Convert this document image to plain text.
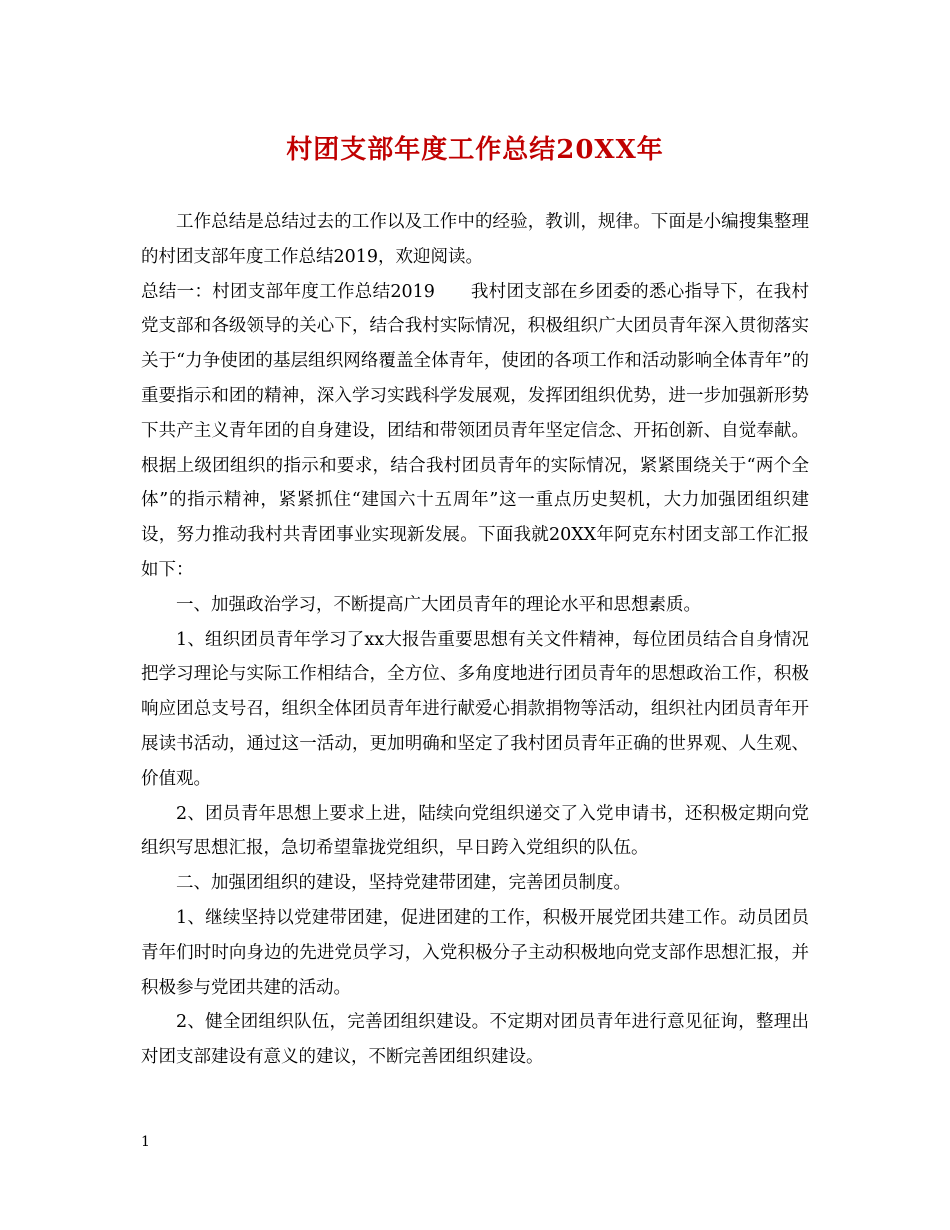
村团支部年度工作总结20XX年

工作总结是总结过去的工作以及工作中的经验，教训，规律。下面是小编搜集整理的村团支部年度工作总结2019，欢迎阅读。

总结一：村团支部年度工作总结2019　　我村团支部在乡团委的悉心指导下，在我村党支部和各级领导的关心下，结合我村实际情况，积极组织广大团员青年深入贯彻落实关于“力争使团的基层组织网络覆盖全体青年，使团的各项工作和活动影响全体青年”的重要指示和团的精神，深入学习实践科学发展观，发挥团组织优势，进一步加强新形势下共产主义青年团的自身建设，团结和带领团员青年坚定信念、开拓创新、自觉奉献。根据上级团组织的指示和要求，结合我村团员青年的实际情况，紧紧围绕关于“两个全体”的指示精神，紧紧抓住“建国六十五周年”这一重点历史契机，大力加强团组织建设，努力推动我村共青团事业实现新发展。下面我就20XX年阿克东村团支部工作汇报如下：

一、加强政治学习，不断提高广大团员青年的理论水平和思想素质。

1、组织团员青年学习了xx大报告重要思想有关文件精神，每位团员结合自身情况把学习理论与实际工作相结合，全方位、多角度地进行团员青年的思想政治工作，积极响应团总支号召，组织全体团员青年进行献爱心捐款捐物等活动，组织社内团员青年开展读书活动，通过这一活动，更加明确和坚定了我村团员青年正确的世界观、人生观、价值观。

2、团员青年思想上要求上进，陆续向党组织递交了入党申请书，还积极定期向党组织写思想汇报，急切希望靠拢党组织，早日跨入党组织的队伍。

二、加强团组织的建设，坚持党建带团建，完善团员制度。

1、继续坚持以党建带团建，促进团建的工作，积极开展党团共建工作。动员团员青年们时时向身边的先进党员学习，入党积极分子主动积极地向党支部作思想汇报，并积极参与党团共建的活动。

2、健全团组织队伍，完善团组织建设。不定期对团员青年进行意见征询，整理出对团支部建设有意义的建议，不断完善团组织建设。

1
